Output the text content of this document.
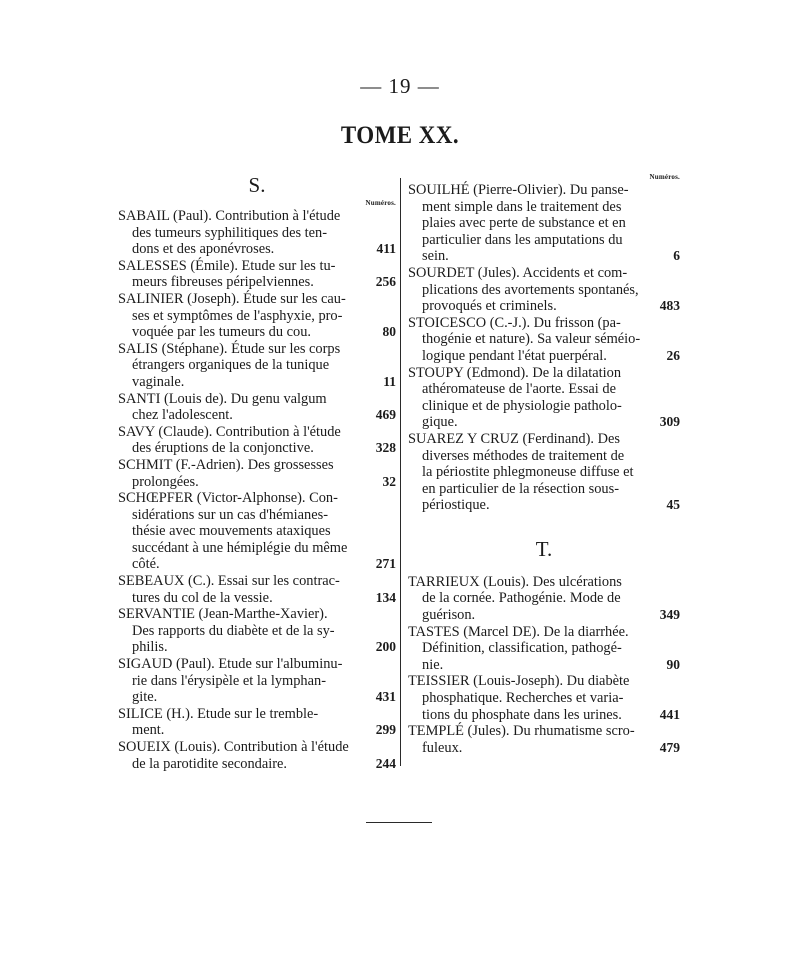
— 19 —
TOME XX.
S.
Numéros.
SABAIL (Paul). Contribution à l'étude
des tumeurs syphilitiques des ten-
dons et des aponévroses.	411
SALESSES (Émile). Etude sur les tu-
meurs fibreuses péripelviennes.	256
SALINIER (Joseph). Étude sur les cau-
ses et symptômes de l'asphyxie, pro-
voquée par les tumeurs du cou.	80
SALIS (Stéphane). Étude sur les corps
étrangers organiques de la tunique
vaginale.	11
SANTI (Louis de). Du genu valgum
chez l'adolescent.	469
SAVY (Claude). Contribution à l'étude
des éruptions de la conjonctive.	328
SCHMIT (F.-Adrien). Des grossesses
prolongées.	32
SCHŒPFER (Victor-Alphonse). Con-
sidérations sur un cas d'hémianes-
thésie avec mouvements ataxiques
succédant à une hémiplégie du même
côté.	271
SEBEAUX (C.). Essai sur les contrac-
tures du col de la vessie.	134
SERVANTIE (Jean-Marthe-Xavier).
Des rapports du diabète et de la sy-
philis.	200
SIGAUD (Paul). Etude sur l'albuminu-
rie dans l'érysipèle et la lymphan-
gite.	431
SILICE (H.). Etude sur le tremble-
ment.	299
SOUEIX (Louis). Contribution à l'étude
de la parotidite secondaire.	244
Numéros.
SOUILHÉ (Pierre-Olivier). Du panse-
ment simple dans le traitement des
plaies avec perte de substance et en
particulier dans les amputations du
sein.	6
SOURDET (Jules). Accidents et com-
plications des avortements spontanés,
provoqués et criminels.	483
STOICESCO (C.-J.). Du frisson (pa-
thogénie et nature). Sa valeur séméio-
logique pendant l'état puerpéral.	26
STOUPY (Edmond). De la dilatation
athéromateuse de l'aorte. Essai de
clinique et de physiologie patholo-
gique.	309
SUAREZ Y CRUZ (Ferdinand). Des
diverses méthodes de traitement de
la périostite phlegmoneuse diffuse et
en particulier de la résection sous-
périostique.	45
T.
TARRIEUX (Louis). Des ulcérations
de la cornée. Pathogénie. Mode de
guérison.	349
TASTES (Marcel DE). De la diarrhée.
Définition, classification, pathogé-
nie.	90
TEISSIER (Louis-Joseph). Du diabète
phosphatique. Recherches et varia-
tions du phosphate dans les urines.	441
TEMPLÉ (Jules). Du rhumatisme scro-
fuleux.	479
